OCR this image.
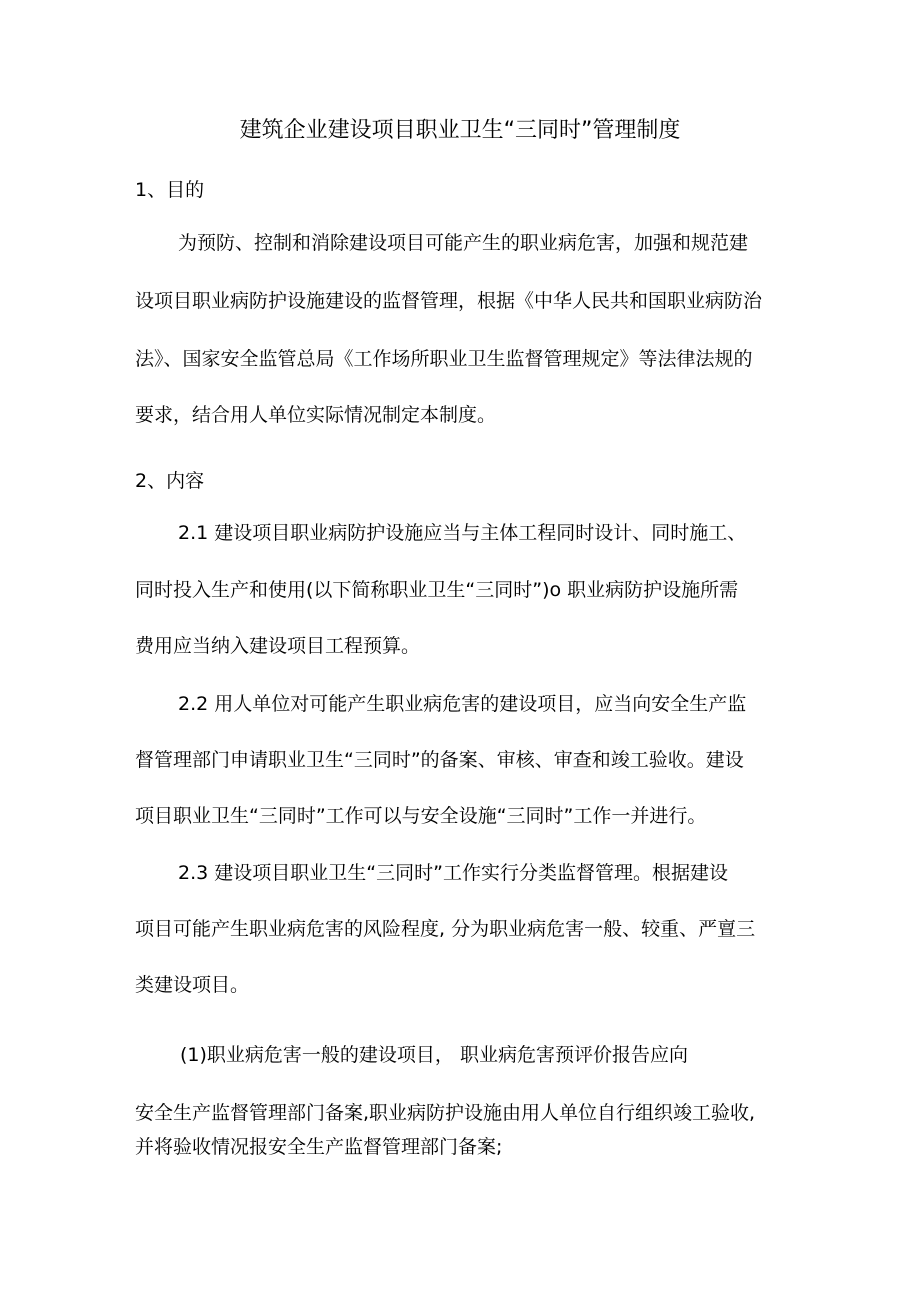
建筑企业建设项目职业卫生“三同时”管理制度

1、目的

为预防、控制和消除建设项目可能产生的职业病危害，加强和规范建

设项目职业病防护设施建设的监督管理，根据《中华人民共和国职业病防治

法》、国家安全监管总局《工作场所职业卫生监督管理规定》等法律法规的

要求，结合用人单位实际情况制定本制度。

2、内容

2.1 建设项目职业病防护设施应当与主体工程同时设计、同时施工、

同时投入生产和使用(以下简称职业卫生“三同时”)o 职业病防护设施所需

费用应当纳入建设项目工程预算。

2.2 用人单位对可能产生职业病危害的建设项目，应当向安全生产监

督管理部门申请职业卫生“三同时”的备案、审核、审查和竣工验收。建设

项目职业卫生“三同时”工作可以与安全设施“三同时”工作一并进行。

2.3 建设项目职业卫生“三同时”工作实行分类监督管理。根据建设

项目可能产生职业病危害的风险程度, 分为职业病危害一般、较重、严亶三

类建设项目。

(1)职业病危害一般的建设项目， 职业病危害预评价报告应向

安全生产监督管理部门备案,职业病防护设施由用人单位自行组织竣工验收,

并将验收情况报安全生产监督管理部门备案;
